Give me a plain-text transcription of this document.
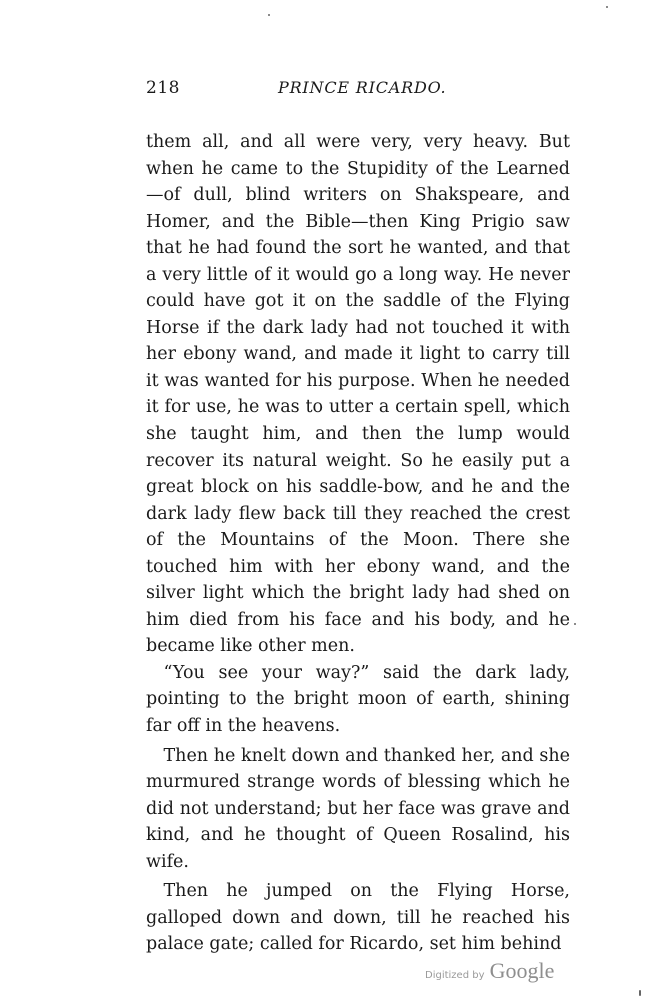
218	PRINCE RICARDO.

them all, and all were very, very heavy. But when he came to the Stupidity of the Learned—of dull, blind writers on Shakspeare, and Homer, and the Bible—then King Prigio saw that he had found the sort he wanted, and that a very little of it would go a long way. He never could have got it on the saddle of the Flying Horse if the dark lady had not touched it with her ebony wand, and made it light to carry till it was wanted for his purpose. When he needed it for use, he was to utter a certain spell, which she taught him, and then the lump would recover its natural weight. So he easily put a great block on his saddle-bow, and he and the dark lady flew back till they reached the crest of the Mountains of the Moon. There she touched him with her ebony wand, and the silver light which the bright lady had shed on him died from his face and his body, and he became like other men.

“You see your way?” said the dark lady, pointing to the bright moon of earth, shining far off in the heavens.

Then he knelt down and thanked her, and she murmured strange words of blessing which he did not understand; but her face was grave and kind, and he thought of Queen Rosalind, his wife.

Then he jumped on the Flying Horse, galloped down and down, till he reached his palace gate; called for Ricardo, set him behind

Digitized by Google
